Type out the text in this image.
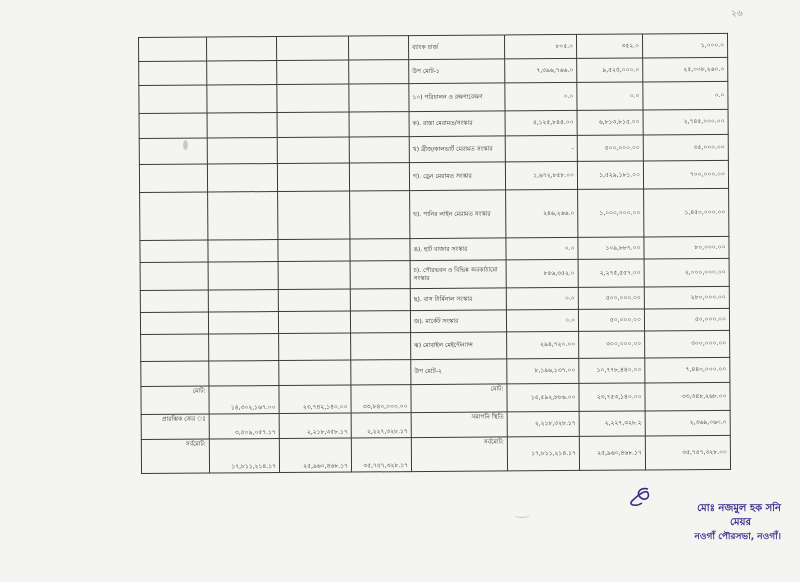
২৬
				ব্যাংক চার্জ	৮০৫.০	৩৫২.০	১,০০০.০
				উপ মোট-১	৭,৩৯৬,৭৬৬.০	৯,৫২৫,০০০.০	২৫,০০৮,২৬০.০
				১০) পরিচালন ও রক্ষণাবেক্ষণ	০.০	০.০	০.০
				ক). রাস্তা মেরামত/সংস্কার	৫,১২৫,৮৪৪.০০	৬,৮১৩,৮১৫.০০	২,৭৪৫,০০০.০০
				খ) ব্রীজ/কালভার্ট মেরামত সংস্কার	-	৫০০,০০০.০০	৩৫,০০০.০০
				গ). ড্রেন মেরামত সংস্কার	১,৬৭২,৮৫৮.০০	১,৫২৯,১৮১.০০	৭০০,০০০.০০
				ঘ). পানির লাইন মেরামত সংস্কার	২৪৬,২৬৬.০	১,০০০,০০০.০০	১,৪৫০,০০০.০০
				ঙ). হাট বাজার সংস্কার	০.০	১০৯,৮৮৭.০০	৮০,০০০.০০
				চ). পৌরভবন ও বিভিন্ন অবকাঠামো সংস্কার	৮৫৬,৩৫২.০	২,২৭৫,৫৫৭.০০	২,০০০,০০০.০০
				ছ). বাস টার্মিনাল সংস্কার	০.০	৫০০,০০০.০০	২৮০,০০০.০০
				জ). মার্কেট সংস্কার	০.০	৫০,০০০.০০	৫০,০০০.০০
				ঝ) মোবাইল মেইন্টেন্যান্স	২৯৪,৭২০.০০	৩০০,০০০.০০	৩০০,০০০.০০
				উপ মোট-২	৮,১৯৬,১৩৭.০০	১০,৭৭৮,৪৪০.০০	৭,৪৪০,০০০.০০
মোট:	১৪,৩০২,১৬৭.০০	২৩,৭৪২,১৪০.০০	৩৩,৮৪০,০০০.০০	মোট:	১৫,৫৯২,৮৮৬.০০	২৩,৭৫৩,১৪০.০০	৩৩,৩৪৮,২৬৮.০০
প্রারম্ভিক জের ঃ	৩,৫০৯,০৫৭.১৭	২,২১৮,৩৫৮.১৭	২,২২৭,৩২৮.১৭	সমাপনি স্থিতি	২,২১৮,৩২৮.১৭	২,২২৭,৩২৮.২	২,৩৬৯,০৬০.০
সর্বমোট:	১৭,৮১১,২১৪.১৭	২৫,৯৬০,৪৬৮.১৭	৩৫,৭৫৭,৩২৮.১৭	সর্বমোট:	১৭,৮১১,২১৪.১৭	২৫,৯৬০,৪৬৮.১৭	৩৫,৭৫৭,৩২৮.০০
মোঃ নজমুল হক সনি
মেয়র
নওগাঁ পৌরসভা, নওগাঁ।
